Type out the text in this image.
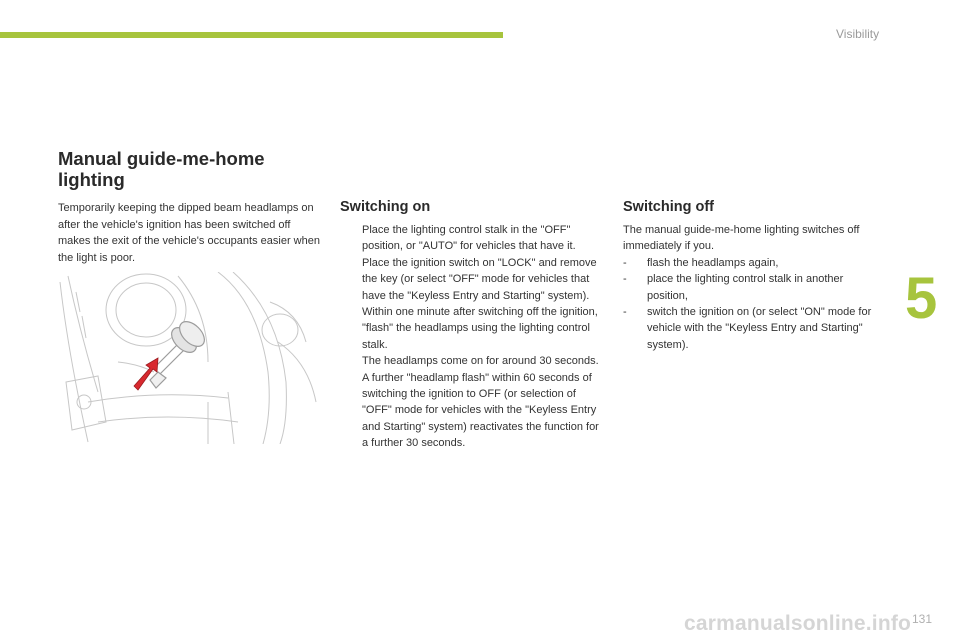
Visibility
5
Manual guide-me-home
lighting
Temporarily keeping the dipped beam headlamps on after the vehicle's ignition has been switched off makes the exit of the vehicle's occupants easier when the light is poor.
Switching on
Place the lighting control stalk in the "OFF" position, or "AUTO" for vehicles that have it.
Place the ignition switch on "LOCK" and remove the key (or select "OFF" mode for vehicles that have the "Keyless Entry and Starting" system).
Within one minute after switching off the ignition, "flash" the headlamps using the lighting control stalk.
The headlamps come on for around 30 seconds.
A further "headlamp flash" within 60 seconds of switching the ignition to OFF (or selection of "OFF" mode for vehicles with the "Keyless Entry and Starting" system) reactivates the function for a further 30 seconds.
Switching off
The manual guide-me-home lighting switches off immediately if you.
- flash the headlamps again,
- place the lighting control stalk in another position,
- switch the ignition on (or select "ON" mode for vehicle with the "Keyless Entry and Starting" system).
carmanualsonline.info 131
